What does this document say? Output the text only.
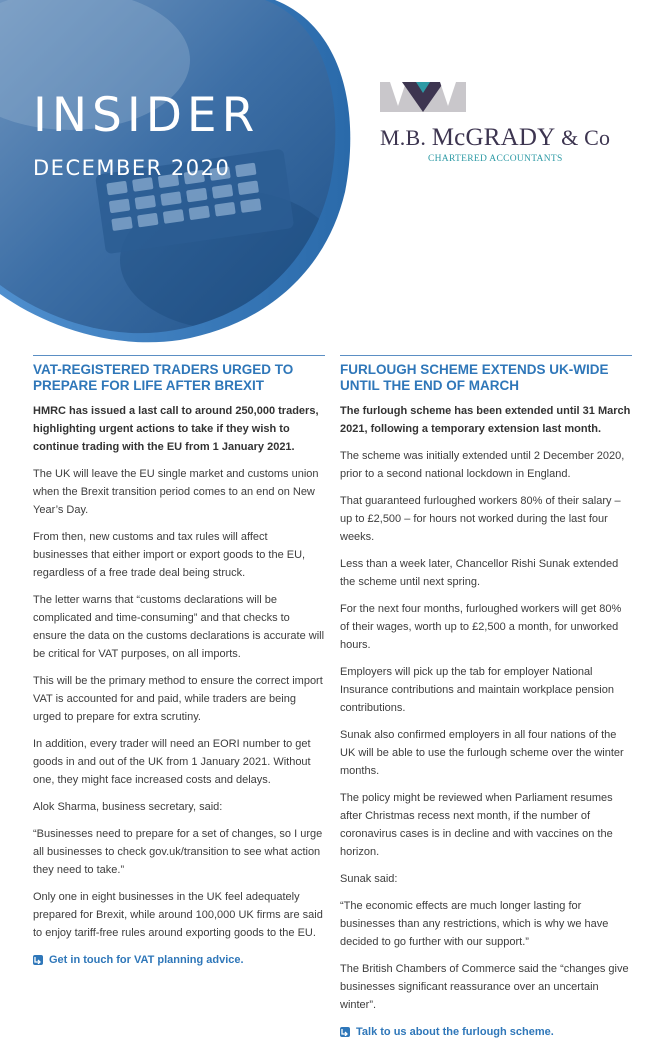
INSIDER
DECEMBER 2020
M.B. McGRADY & Co
CHARTERED ACCOUNTANTS
VAT-REGISTERED TRADERS URGED TO PREPARE FOR LIFE AFTER BREXIT

HMRC has issued a last call to around 250,000 traders, highlighting urgent actions to take if they wish to continue trading with the EU from 1 January 2021.

The UK will leave the EU single market and customs union when the Brexit transition period comes to an end on New Year’s Day.

From then, new customs and tax rules will affect businesses that either import or export goods to the EU, regardless of a free trade deal being struck.

The letter warns that “customs declarations will be complicated and time-consuming” and that checks to ensure the data on the customs declarations is accurate will be critical for VAT purposes, on all imports.

This will be the primary method to ensure the correct import VAT is accounted for and paid, while traders are being urged to prepare for extra scrutiny.

In addition, every trader will need an EORI number to get goods in and out of the UK from 1 January 2021. Without one, they might face increased costs and delays.

Alok Sharma, business secretary, said:

“Businesses need to prepare for a set of changes, so I urge all businesses to check gov.uk/transition to see what action they need to take.”

Only one in eight businesses in the UK feel adequately prepared for Brexit, while around 100,000 UK firms are said to enjoy tariff-free rules around exporting goods to the EU.

Get in touch for VAT planning advice.
FURLOUGH SCHEME EXTENDS UK-WIDE UNTIL THE END OF MARCH

The furlough scheme has been extended until 31 March 2021, following a temporary extension last month.

The scheme was initially extended until 2 December 2020, prior to a second national lockdown in England.

That guaranteed furloughed workers 80% of their salary – up to £2,500 – for hours not worked during the last four weeks.

Less than a week later, Chancellor Rishi Sunak extended the scheme until next spring.

For the next four months, furloughed workers will get 80% of their wages, worth up to £2,500 a month, for unworked hours.

Employers will pick up the tab for employer National Insurance contributions and maintain workplace pension contributions.

Sunak also confirmed employers in all four nations of the UK will be able to use the furlough scheme over the winter months.

The policy might be reviewed when Parliament resumes after Christmas recess next month, if the number of coronavirus cases is in decline and with vaccines on the horizon.

Sunak said:

“The economic effects are much longer lasting for businesses than any restrictions, which is why we have decided to go further with our support.”

The British Chambers of Commerce said the “changes give businesses significant reassurance over an uncertain winter”.

Talk to us about the furlough scheme.
